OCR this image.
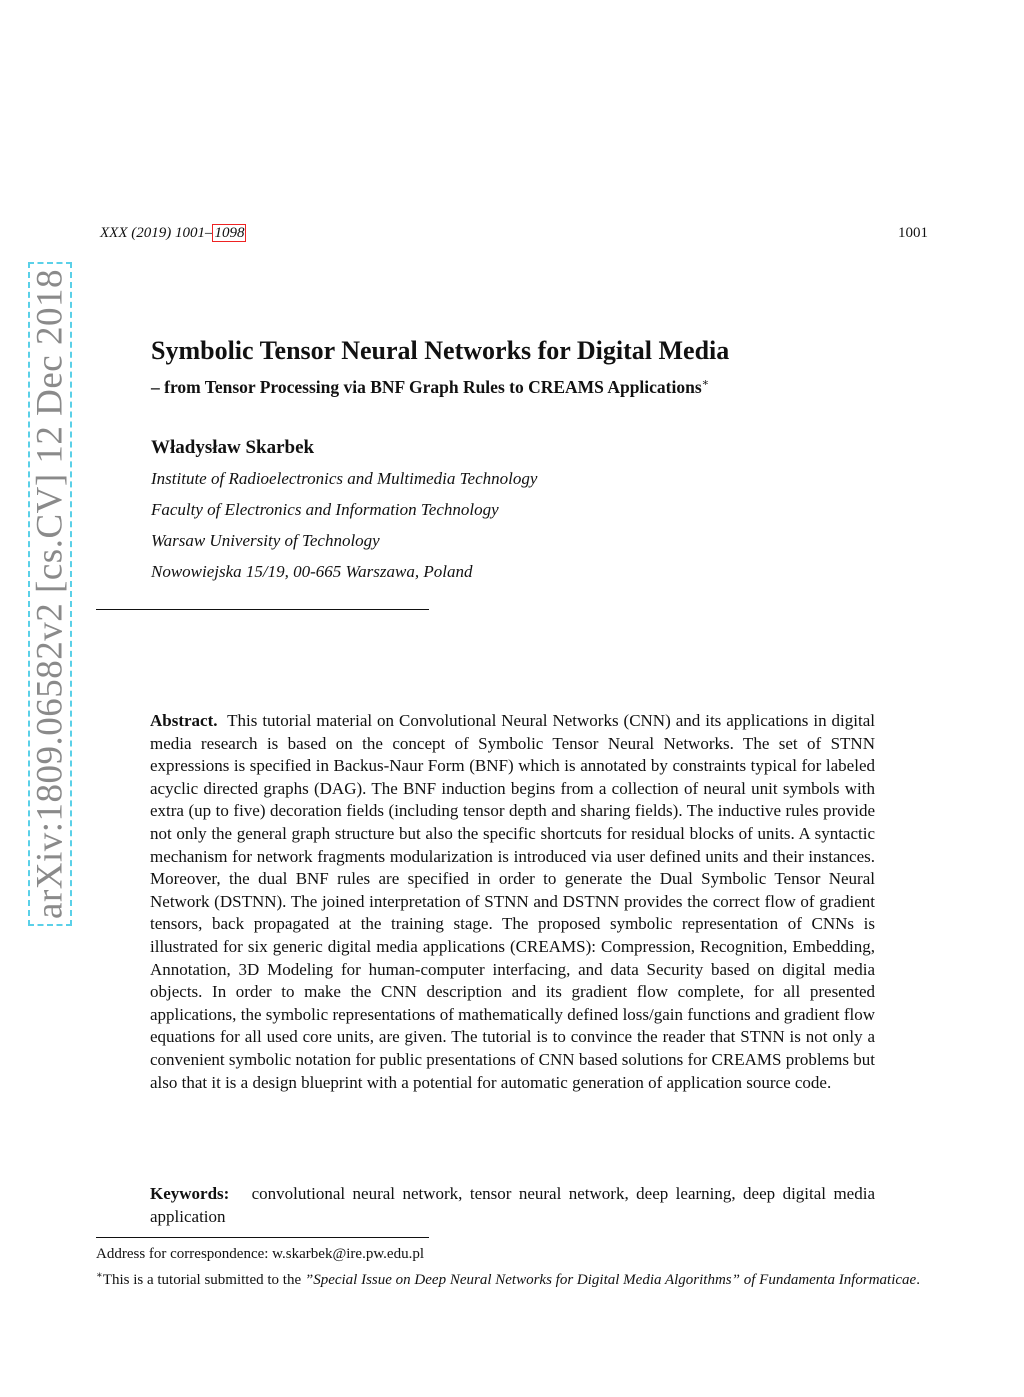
XXX (2019) 1001– 1098	1001
arXiv:1809.06582v2 [cs.CV] 12 Dec 2018	Symbolic Tensor Neural Networks for Digital Media
– from Tensor Processing via BNF Graph Rules to CREAMS Applications∗
Władysław Skarbek
Institute of Radioelectronics and Multimedia Technology
Faculty of Electronics and Information Technology
Warsaw University of Technology
Nowowiejska 15/19, 00-665 Warszawa, Poland

Abstract. This tutorial material on Convolutional Neural Networks (CNN) and its applications in digital media research is based on the concept of Symbolic Tensor Neural Networks. The set of STNN expressions is specified in Backus-Naur Form (BNF) which is annotated by constraints typical for labeled acyclic directed graphs (DAG). The BNF induction begins from a collection of neural unit symbols with extra (up to five) decoration fields (including tensor depth and sharing fields). The inductive rules provide not only the general graph structure but also the specific shortcuts for residual blocks of units. A syntactic mechanism for network fragments modularization is introduced via user defined units and their instances. Moreover, the dual BNF rules are specified in order to generate the Dual Symbolic Tensor Neural Network (DSTNN). The joined interpretation of STNN and DSTNN provides the correct flow of gradient tensors, back propagated at the training stage. The proposed symbolic representation of CNNs is illustrated for six generic digital media applications (CREAMS): Compression, Recognition, Embedding, Annotation, 3D Modeling for human-computer interfacing, and data Security based on digital media objects. In order to make the CNN description and its gradient flow complete, for all presented applications, the symbolic representations of mathematically defined loss/gain functions and gradient flow equations for all used core units, are given. The tutorial is to convince the reader that STNN is not only a convenient symbolic notation for public presentations of CNN based solutions for CREAMS problems but also that it is a design blueprint with a potential for automatic generation of application source code.

Keywords: convolutional neural network, tensor neural network, deep learning, deep digital media application

Address for correspondence: w.skarbek@ire.pw.edu.pl

∗This is a tutorial submitted to the ”Special Issue on Deep Neural Networks for Digital Media Algorithms” of Fundamenta Informaticae.
